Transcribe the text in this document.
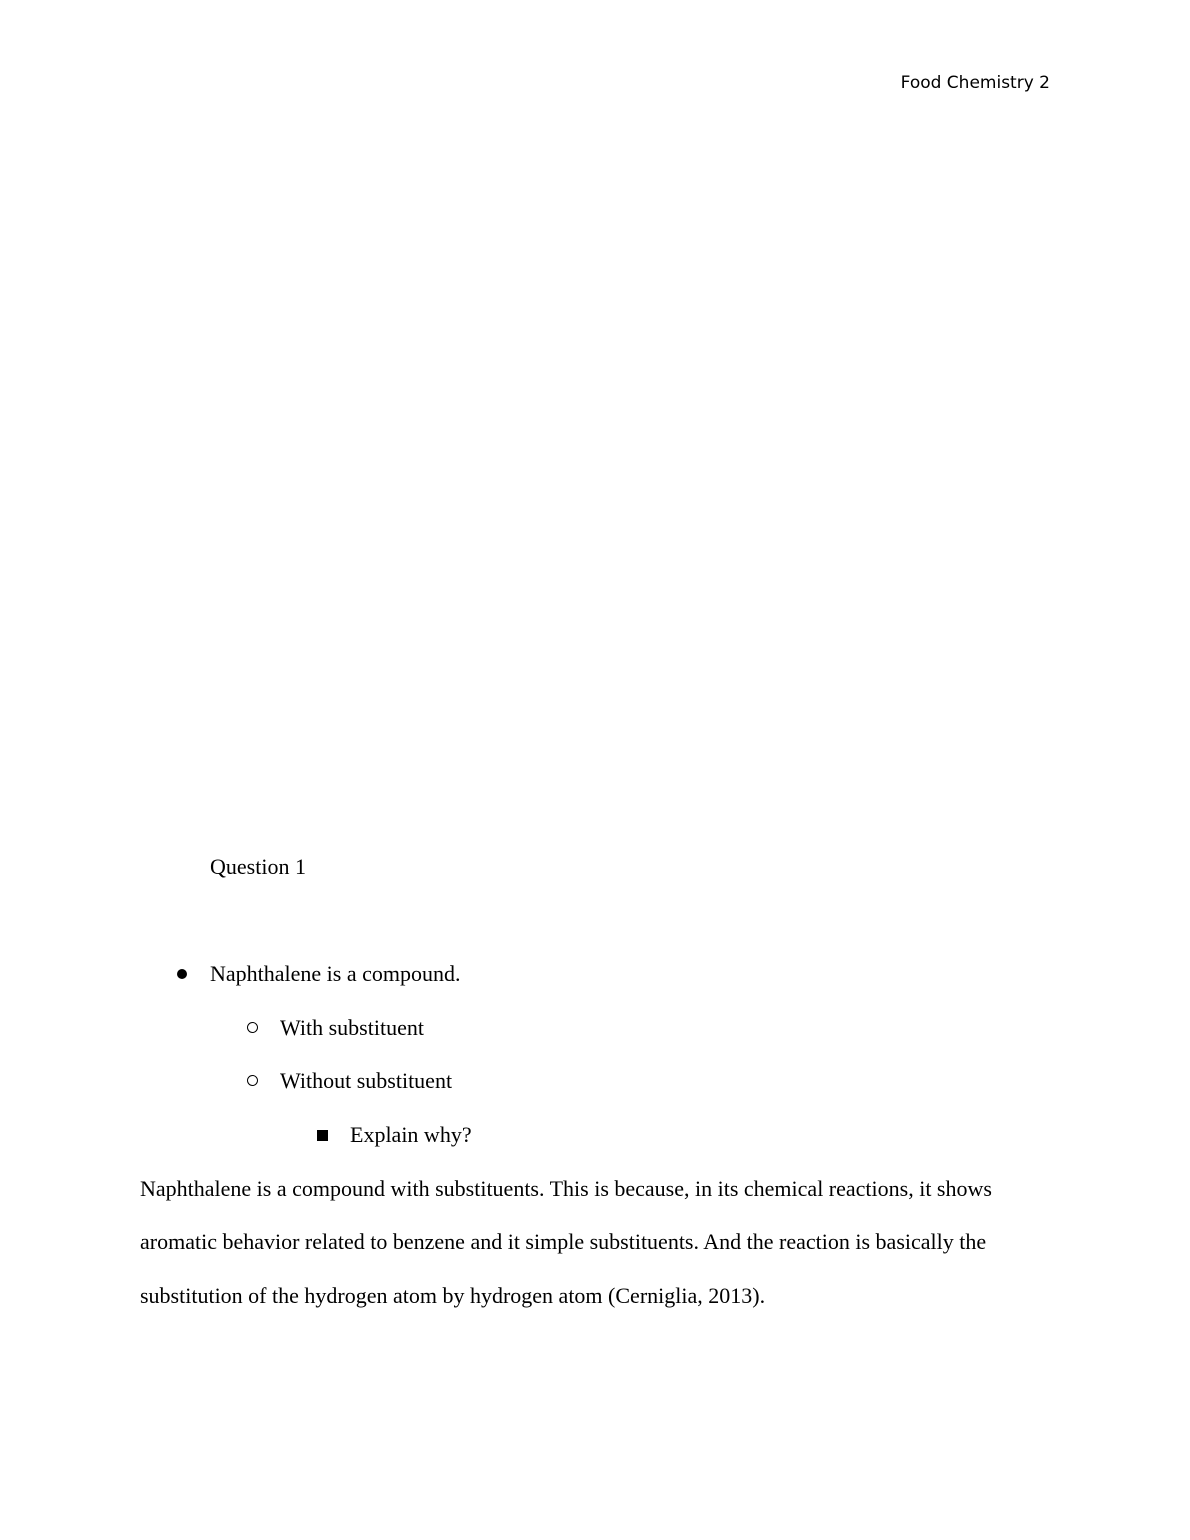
Food Chemistry 2
Question 1
Naphthalene is a compound.
With substituent
Without substituent
Explain why?
Naphthalene is a compound with substituents. This is because, in its chemical reactions, it shows
aromatic behavior related to benzene and it simple substituents. And the reaction is basically the
substitution of the hydrogen atom by hydrogen atom (Cerniglia, 2013).
